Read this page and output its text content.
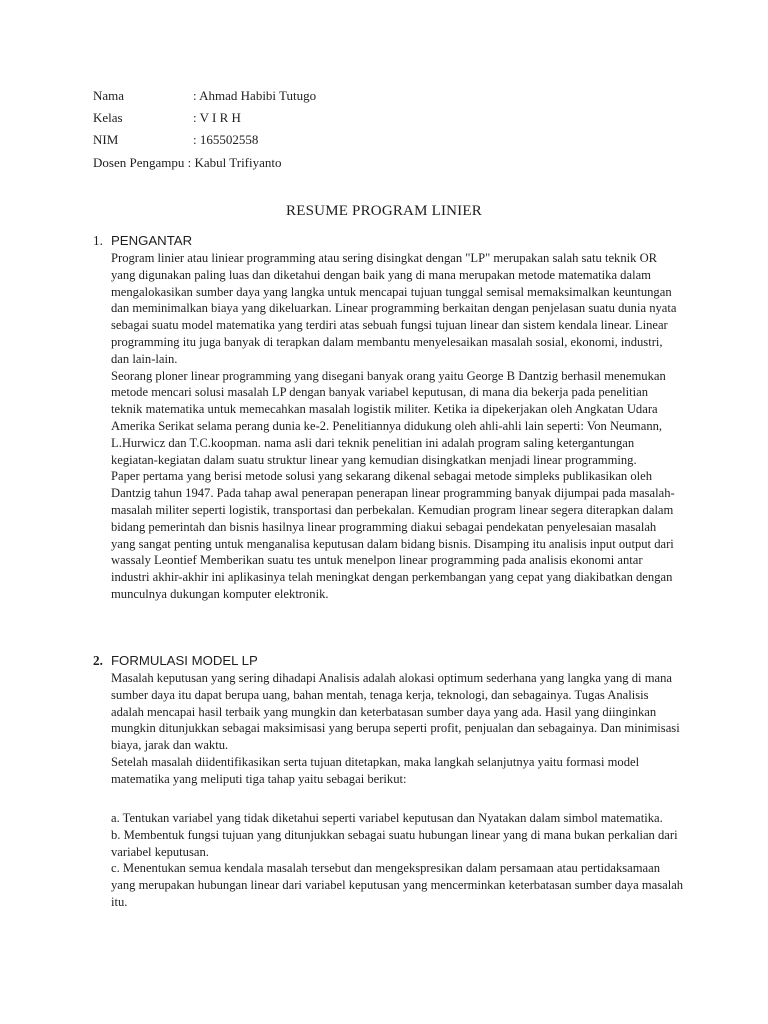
Nama	: Ahmad Habibi Tutugo
Kelas	: V I R H
NIM	: 165502558
Dosen Pengampu : Kabul Trifiyanto
RESUME PROGRAM LINIER
1. PENGANTAR

Program linier atau liniear programming atau sering disingkat dengan "LP" merupakan salah satu teknik OR yang digunakan paling luas dan diketahui dengan baik yang di mana merupakan metode matematika dalam mengalokasikan sumber daya yang langka untuk mencapai tujuan tunggal semisal memaksimalkan keuntungan dan meminimalkan biaya yang dikeluarkan. Linear programming berkaitan dengan penjelasan suatu dunia nyata sebagai suatu model matematika yang terdiri atas sebuah fungsi tujuan linear dan sistem kendala linear. Linear programming itu juga banyak di terapkan dalam membantu menyelesaikan masalah sosial, ekonomi, industri, dan lain-lain.

Seorang ploner linear programming yang disegani banyak orang yaitu George B Dantzig berhasil menemukan metode mencari solusi masalah LP dengan banyak variabel keputusan, di mana dia bekerja pada penelitian teknik matematika untuk memecahkan masalah logistik militer. Ketika ia dipekerjakan oleh Angkatan Udara Amerika Serikat selama perang dunia ke-2. Penelitiannya didukung oleh ahli-ahli lain seperti: Von Neumann, L.Hurwicz dan T.C.koopman. nama asli dari teknik penelitian ini adalah program saling ketergantungan kegiatan-kegiatan dalam suatu struktur linear yang kemudian disingkatkan menjadi linear programming.

Paper pertama yang berisi metode solusi yang sekarang dikenal sebagai metode simpleks publikasikan oleh Dantzig tahun 1947. Pada tahap awal penerapan penerapan linear programming banyak dijumpai pada masalah-masalah militer seperti logistik, transportasi dan perbekalan. Kemudian program linear segera diterapkan dalam bidang pemerintah dan bisnis hasilnya linear programming diakui sebagai pendekatan penyelesaian masalah yang sangat penting untuk menganalisa keputusan dalam bidang bisnis. Disamping itu analisis input output dari wassaly Leontief Memberikan suatu tes untuk menelpon linear programming pada analisis ekonomi antar industri akhir-akhir ini aplikasinya telah meningkat dengan perkembangan yang cepat yang diakibatkan dengan munculnya dukungan komputer elektronik.

2. FORMULASI MODEL LP

Masalah keputusan yang sering dihadapi Analisis adalah alokasi optimum sederhana yang langka yang di mana sumber daya itu dapat berupa uang, bahan mentah, tenaga kerja, teknologi, dan sebagainya. Tugas Analisis adalah mencapai hasil terbaik yang mungkin dan keterbatasan sumber daya yang ada. Hasil yang diinginkan mungkin ditunjukkan sebagai maksimisasi yang berupa seperti profit, penjualan dan sebagainya. Dan minimisasi biaya, jarak dan waktu.

Setelah masalah diidentifikasikan serta tujuan ditetapkan, maka langkah selanjutnya yaitu formasi model matematika yang meliputi tiga tahap yaitu sebagai berikut:

a. Tentukan variabel yang tidak diketahui seperti variabel keputusan dan Nyatakan dalam simbol matematika.

b. Membentuk fungsi tujuan yang ditunjukkan sebagai suatu hubungan linear yang di mana bukan perkalian dari variabel keputusan.

c. Menentukan semua kendala masalah tersebut dan mengekspresikan dalam persamaan atau pertidaksamaan yang merupakan hubungan linear dari variabel keputusan yang mencerminkan keterbatasan sumber daya masalah itu.
